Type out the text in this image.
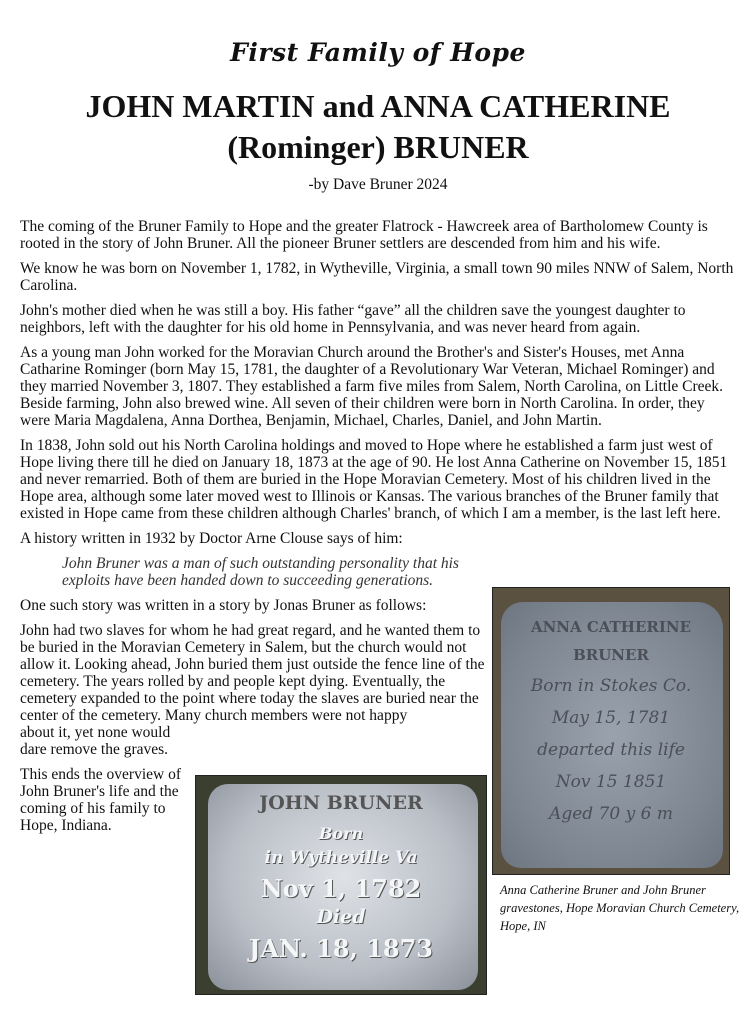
First Family of Hope
JOHN MARTIN and ANNA CATHERINE
(Rominger) BRUNER
-by Dave Bruner 2024

The coming of the Bruner Family to Hope and the greater Flatrock - Hawcreek area of Bartholomew County is rooted in the story of John Bruner. All the pioneer Bruner settlers are descended from him and his wife.

We know he was born on November 1, 1782, in Wytheville, Virginia, a small town 90 miles NNW of Salem, North Carolina.

John's mother died when he was still a boy. His father “gave” all the children save the youngest daughter to neighbors, left with the daughter for his old home in Pennsylvania, and was never heard from again.

As a young man John worked for the Moravian Church around the Brother's and Sister's Houses, met Anna Catharine Rominger (born May 15, 1781, the daughter of a Revolutionary War Veteran, Michael Rominger) and they married November 3, 1807. They established a farm five miles from Salem, North Carolina, on Little Creek. Beside farming, John also brewed wine. All seven of their children were born in North Carolina. In order, they were Maria Magdalena, Anna Dorthea, Benjamin, Michael, Charles, Daniel, and John Martin.

In 1838, John sold out his North Carolina holdings and moved to Hope where he established a farm just west of Hope living there till he died on January 18, 1873 at the age of 90. He lost Anna Catherine on November 15, 1851 and never remarried. Both of them are buried in the Hope Moravian Cemetery. Most of his children lived in the Hope area, although some later moved west to Illinois or Kansas. The various branches of the Bruner family that existed in Hope came from these children although Charles' branch, of which I am a member, is the last left here.

A history written in 1932 by Doctor Arne Clouse says of him:

John Bruner was a man of such outstanding personality that his exploits have been handed down to succeeding generations.

One such story was written in a story by Jonas Bruner as follows:

John had two slaves for whom he had great regard, and he wanted them to be buried in the Moravian Cemetery in Salem, but the church would not allow it. Looking ahead, John buried them just outside the fence line of the cemetery. The years rolled by and people kept dying. Eventually, the cemetery expanded to the point where today the slaves are buried near the center of the cemetery. Many church members were not happy

about it, yet none would
dare remove the graves.
This ends the overview of
John Bruner's life and the
coming of his family to
Hope, Indiana.
ANNA CATHERINE
BRUNER
Born in Stokes Co.
May 15, 1781
departed this life
Nov 15 1851
Aged 70 y 6 m
JOHN BRUNER
Born
in Wytheville Va
Nov 1, 1782
Died
JAN. 18, 1873
Anna Catherine Bruner and John Bruner gravestones, Hope Moravian Church Cemetery, Hope, IN
